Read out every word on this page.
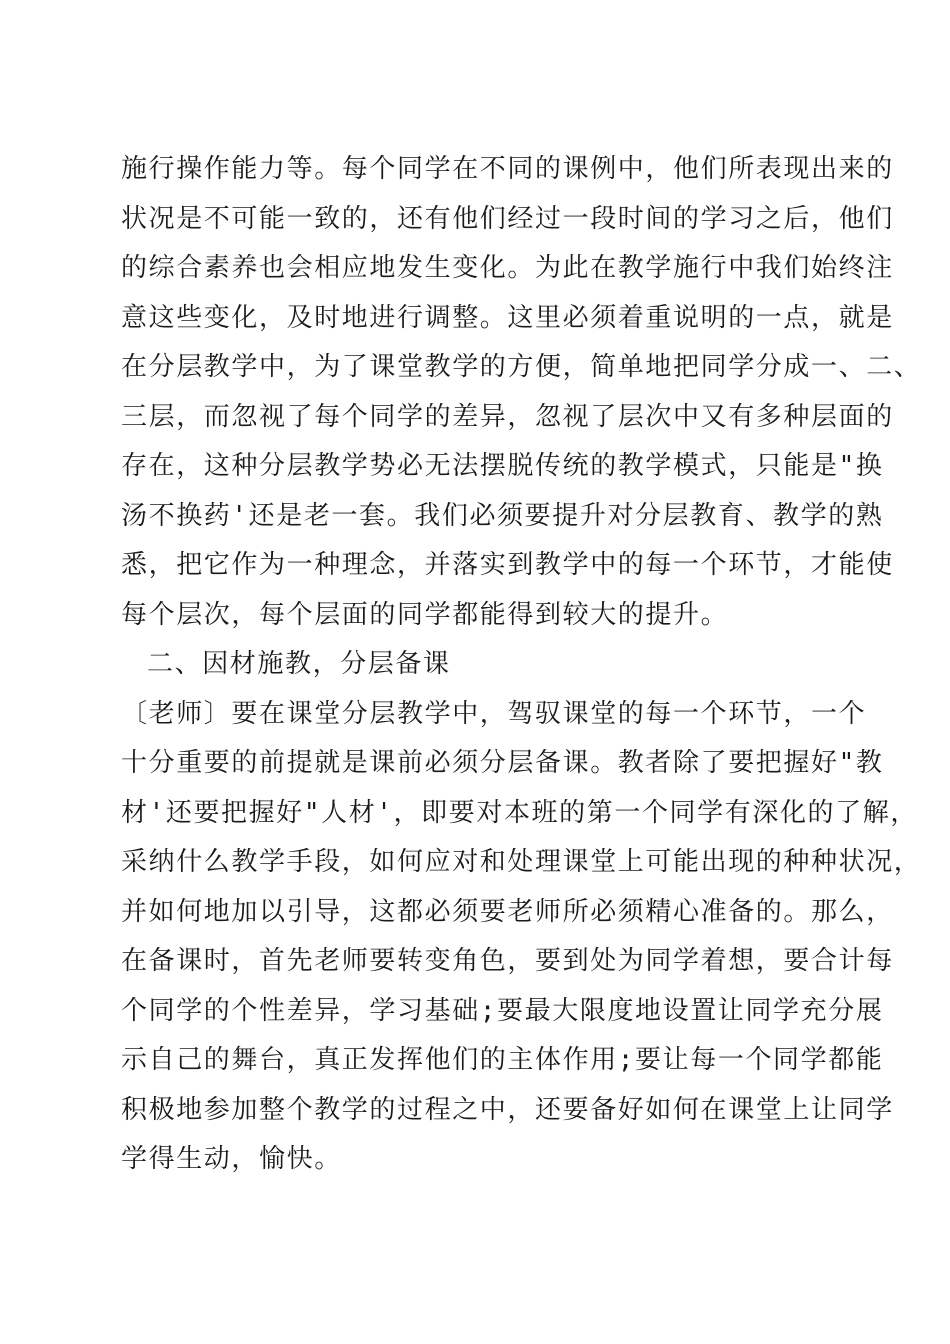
施行操作能力等。每个同学在不同的课例中，他们所表现出来的
状况是不可能一致的，还有他们经过一段时间的学习之后，他们
的综合素养也会相应地发生变化。为此在教学施行中我们始终注
意这些变化，及时地进行调整。这里必须着重说明的一点，就是
在分层教学中，为了课堂教学的方便，简单地把同学分成一、二、
三层，而忽视了每个同学的差异，忽视了层次中又有多种层面的
存在，这种分层教学势必无法摆脱传统的教学模式，只能是"换
汤不换药'还是老一套。我们必须要提升对分层教育、教学的熟
悉，把它作为一种理念，并落实到教学中的每一个环节，才能使
每个层次，每个层面的同学都能得到较大的提升。
二、因材施教，分层备课
〔老师〕要在课堂分层教学中，驾驭课堂的每一个环节，一个
十分重要的前提就是课前必须分层备课。教者除了要把握好"教
材'还要把握好"人材'，即要对本班的第一个同学有深化的了解，
采纳什么教学手段，如何应对和处理课堂上可能出现的种种状况，
并如何地加以引导，这都必须要老师所必须精心准备的。那么，
在备课时，首先老师要转变角色，要到处为同学着想，要合计每
个同学的个性差异，学习基础;要最大限度地设置让同学充分展
示自己的舞台，真正发挥他们的主体作用;要让每一个同学都能
积极地参加整个教学的过程之中，还要备好如何在课堂上让同学
学得生动，愉快。
